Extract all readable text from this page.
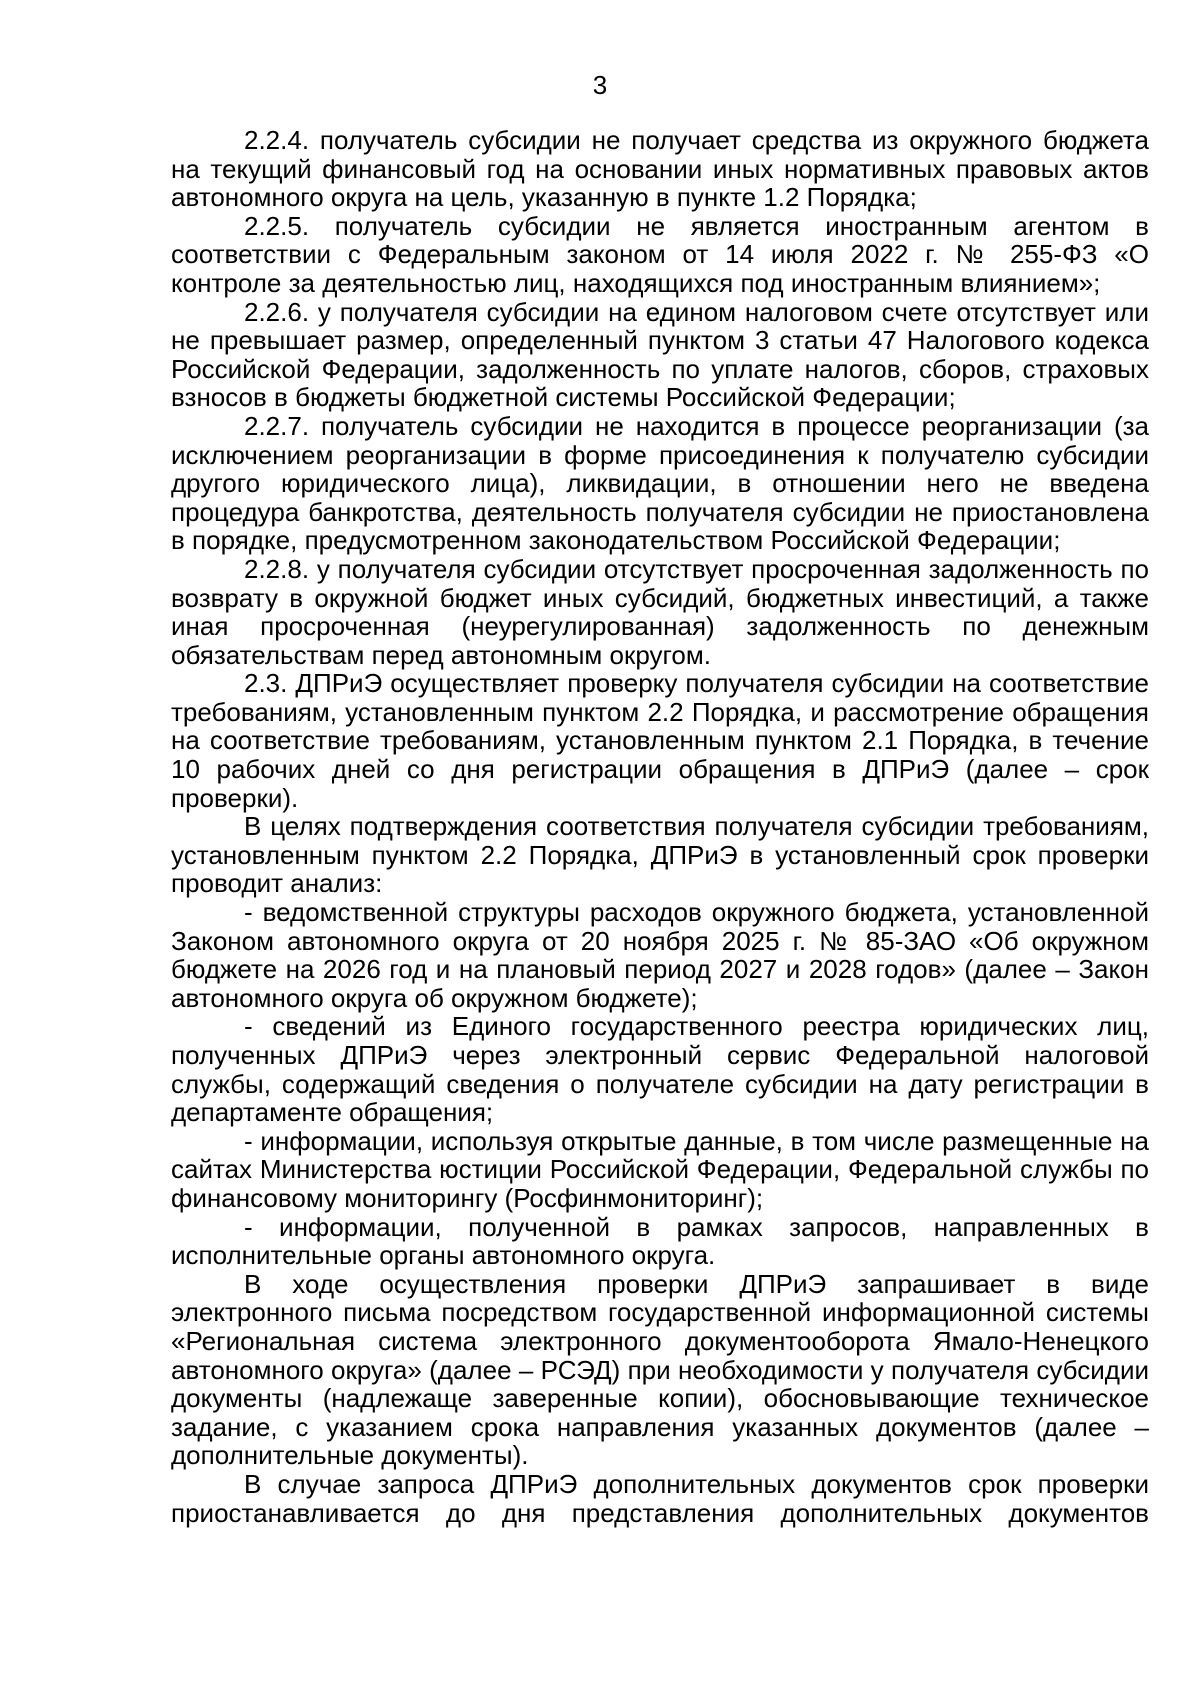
3

2.2.4. получатель субсидии не получает средства из окружного бюджета на текущий финансовый год на основании иных нормативных правовых актов автономного округа на цель, указанную в пункте 1.2 Порядка;

2.2.5. получатель субсидии не является иностранным агентом в соответствии с Федеральным законом от 14 июля 2022 г. № 255-ФЗ «О контроле за деятельностью лиц, находящихся под иностранным влиянием»;

2.2.6. у получателя субсидии на едином налоговом счете отсутствует или не превышает размер, определенный пунктом 3 статьи 47 Налогового кодекса Российской Федерации, задолженность по уплате налогов, сборов, страховых взносов в бюджеты бюджетной системы Российской Федерации;

2.2.7. получатель субсидии не находится в процессе реорганизации (за исключением реорганизации в форме присоединения к получателю субсидии другого юридического лица), ликвидации, в отношении него не введена процедура банкротства, деятельность получателя субсидии не приостановлена в порядке, предусмотренном законодательством Российской Федерации;

2.2.8. у получателя субсидии отсутствует просроченная задолженность по возврату в окружной бюджет иных субсидий, бюджетных инвестиций, а также иная просроченная (неурегулированная) задолженность по денежным обязательствам перед автономным округом.

2.3. ДПРиЭ осуществляет проверку получателя субсидии на соответствие требованиям, установленным пунктом 2.2 Порядка, и рассмотрение обращения на соответствие требованиям, установленным пунктом 2.1 Порядка, в течение 10 рабочих дней со дня регистрации обращения в ДПРиЭ (далее – срок проверки).

В целях подтверждения соответствия получателя субсидии требованиям, установленным пунктом 2.2 Порядка, ДПРиЭ в установленный срок проверки проводит анализ:

- ведомственной структуры расходов окружного бюджета, установленной Законом автономного округа от 20 ноября 2025 г. № 85-ЗАО «Об окружном бюджете на 2026 год и на плановый период 2027 и 2028 годов» (далее – Закон автономного округа об окружном бюджете);

- сведений из Единого государственного реестра юридических лиц, полученных ДПРиЭ через электронный сервис Федеральной налоговой службы, содержащий сведения о получателе субсидии на дату регистрации в департаменте обращения;

- информации, используя открытые данные, в том числе размещенные на сайтах Министерства юстиции Российской Федерации, Федеральной службы по финансовому мониторингу (Росфинмониторинг);

- информации, полученной в рамках запросов, направленных в исполнительные органы автономного округа.

В ходе осуществления проверки ДПРиЭ запрашивает в виде электронного письма посредством государственной информационной системы «Региональная система электронного документооборота Ямало-Ненецкого автономного округа» (далее – РСЭД) при необходимости у получателя субсидии документы (надлежаще заверенные копии), обосновывающие техническое задание, с указанием срока направления указанных документов (далее – дополнительные документы).

В случае запроса ДПРиЭ дополнительных документов срок проверки приостанавливается до дня представления дополнительных документов
